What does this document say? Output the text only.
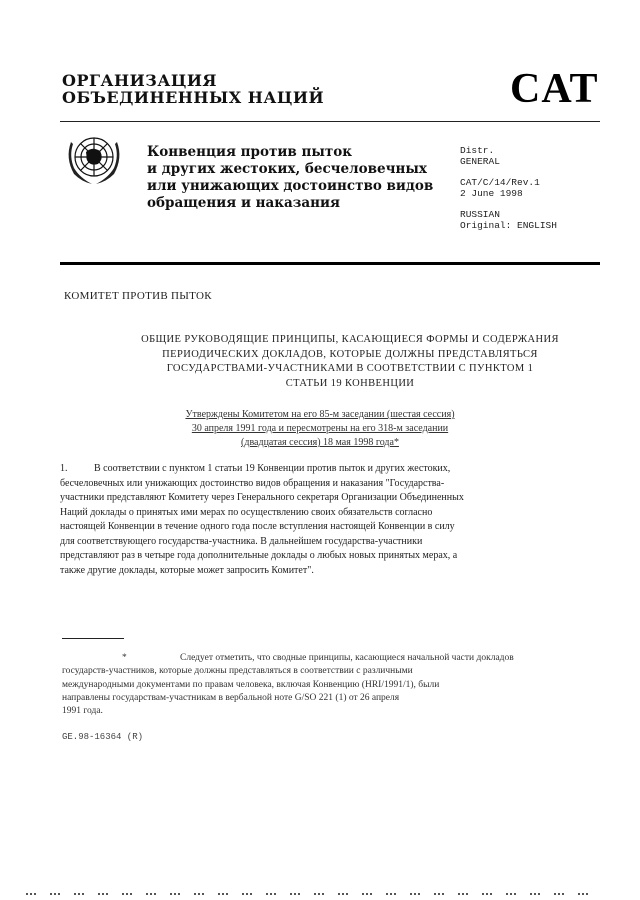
ОРГАНИЗАЦИЯ
ОБЪЕДИНЕННЫХ НАЦИЙ	CAT
Конвенция против пыток
и других жестоких, бесчеловечных
или унижающих достоинство видов
обращения и наказания
Distr.
GENERAL
CAT/C/14/Rev.1
2 June 1998
RUSSIAN
Original: ENGLISH
КОМИТЕТ ПРОТИВ ПЫТОК
ОБЩИЕ РУКОВОДЯЩИЕ ПРИНЦИПЫ, КАСАЮЩИЕСЯ ФОРМЫ И СОДЕРЖАНИЯ
ПЕРИОДИЧЕСКИХ ДОКЛАДОВ, КОТОРЫЕ ДОЛЖНЫ ПРЕДСТАВЛЯТЬСЯ
ГОСУДАРСТВАМИ-УЧАСТНИКАМИ В СООТВЕТСТВИИ С ПУНКТОМ 1
СТАТЬИ 19 КОНВЕНЦИИ
Утверждены Комитетом на его 85-м заседании (шестая сессия)
30 апреля 1991 года и пересмотрены на его 318-м заседании
(двадцатая сессия) 18 мая 1998 года*
1.	В соответствии с пунктом 1 статьи 19 Конвенции против пыток и других жестоких,
бесчеловечных или унижающих достоинство видов обращения и наказания "Государства-
участники представляют Комитету через Генерального секретаря Организации Объединенных
Наций доклады о принятых ими мерах по осуществлению своих обязательств согласно
настоящей Конвенции в течение одного года после вступления настоящей Конвенции в силу
для соответствующего государства-участника. В дальнейшем государства-участники
представляют раз в четыре года дополнительные доклады о любых новых принятых мерах, а
также другие доклады, которые может запросить Комитет".
*	Следует отметить, что сводные принципы, касающиеся начальной части докладов
государств-участников, которые должны представляться в соответствии с различными
международными документами по правам человека, включая Конвенцию (HRI/1991/1), были
направлены государствам-участникам в вербальной ноте G/SO 221 (1) от 26 апреля
1991 года.
GE.98-16364 (R)
